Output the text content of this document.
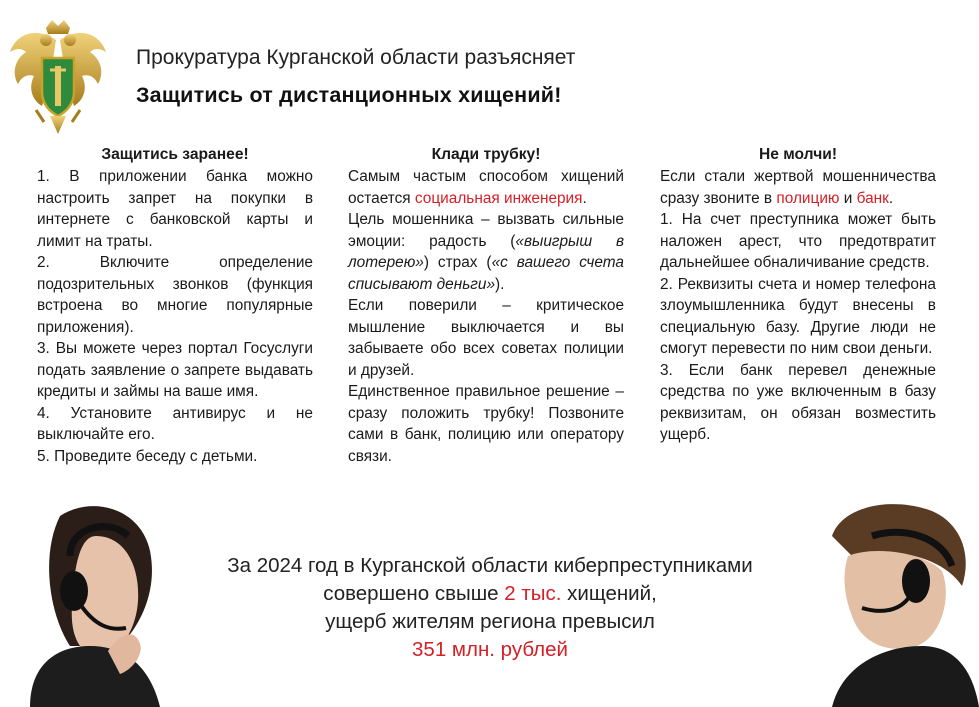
Прокуратура Курганской области разъясняет
Защитись от дистанционных хищений!
Защитись заранее!

1. В приложении банка можно настроить запрет на покупки в интернете с банковской карты и лимит на траты.

2. Включите определение подозрительных звонков (функция встроена во многие популярные приложения).

3. Вы можете через портал Госуслуги подать заявление о запрете выдавать кредиты и займы на ваше имя.

4. Установите антивирус и не выключайте его.

5. Проведите беседу с детьми.

Клади трубку!

Самым частым способом хищений остается социальная инженерия.

Цель мошенника – вызвать сильные эмоции: радость («выигрыш в лотерею») страх («с вашего счета списывают деньги»).

Если поверили – критическое мышление выключается и вы забываете обо всех советах полиции и друзей.

Единственное правильное решение – сразу положить трубку! Позвоните сами в банк, полицию или оператору связи.

Не молчи!

Если стали жертвой мошенничества сразу звоните в полицию и банк.

1. На счет преступника может быть наложен арест, что предотвратит дальнейшее обналичивание средств.

2. Реквизиты счета и номер телефона злоумышленника будут внесены в специальную базу. Другие люди не смогут перевести по ним свои деньги.

3. Если банк перевел денежные средства по уже включенным в базу реквизитам, он обязан возместить ущерб.

За 2024 год в Курганской области киберпреступниками
совершено свыше 2 тыс. хищений,
ущерб жителям региона превысил
351 млн. рублей
